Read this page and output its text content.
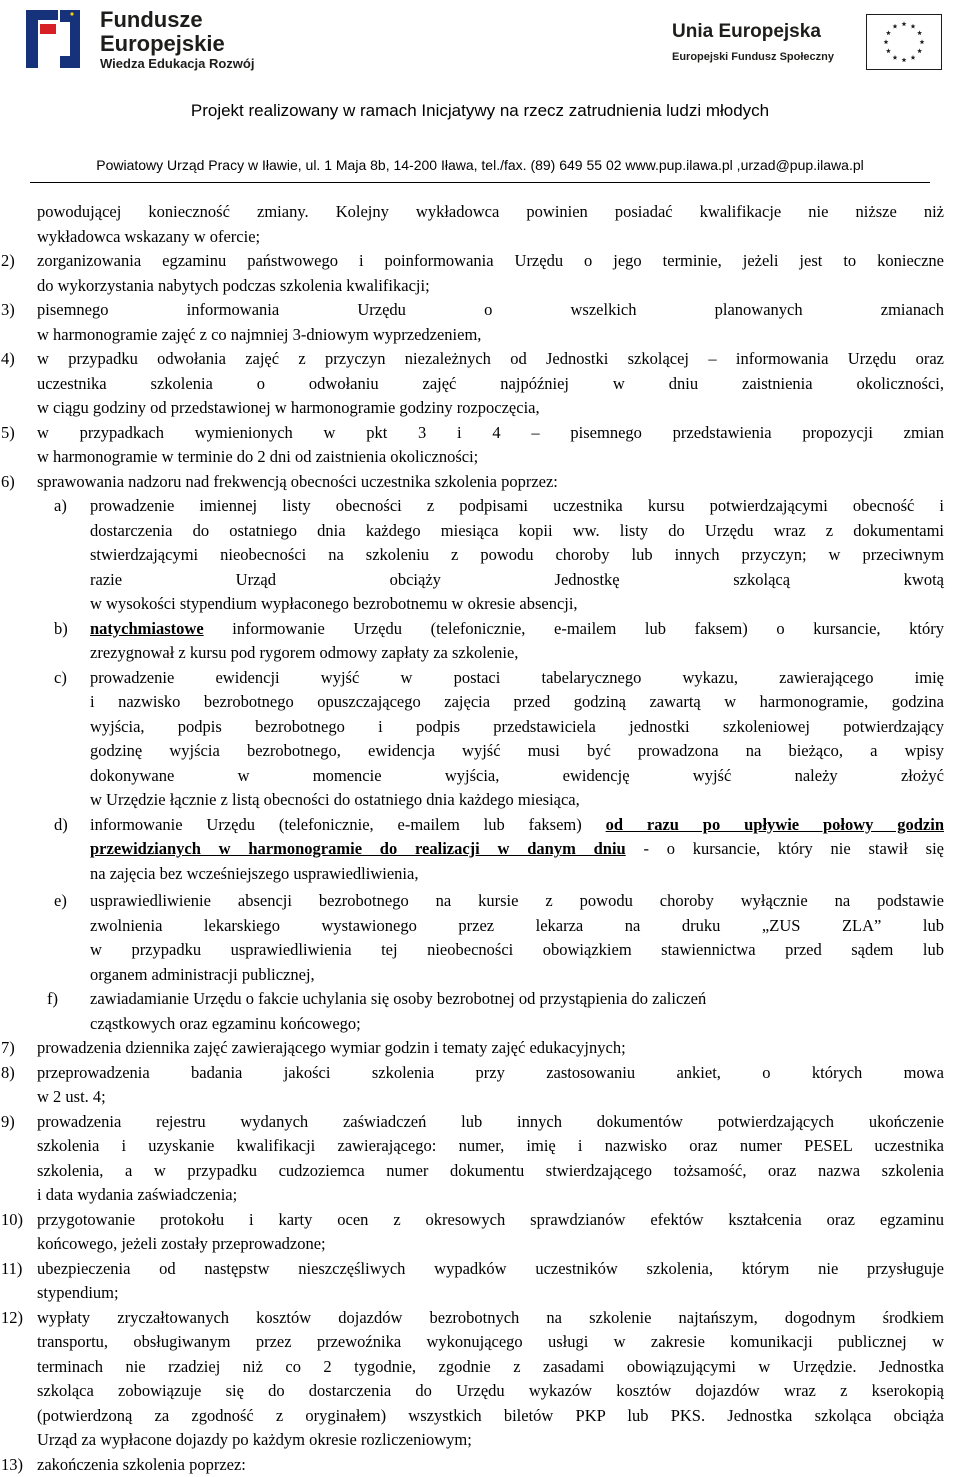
Fundusze
Europejskie
Wiedza Edukacja Rozwój
Unia Europejska
Europejski Fundusz Społeczny
Projekt realizowany w ramach Inicjatywy na rzecz zatrudnienia ludzi młodych
Powiatowy Urząd Pracy w Iławie, ul. 1 Maja 8b, 14-200 Iława, tel./fax. (89) 649 55 02 www.pup.ilawa.pl ,urzad@pup.ilawa.pl

powodującej konieczność zmiany. Kolejny wykładowca powinien posiadać kwalifikacje nie niższe niż

wykładowca wskazany w ofercie;

2) zorganizowania egzaminu państwowego i poinformowania Urzędu o jego terminie, jeżeli jest to konieczne

do wykorzystania nabytych podczas szkolenia kwalifikacji;

3) pisemnego informowania Urzędu o wszelkich planowanych zmianach

w harmonogramie zajęć z co najmniej 3-dniowym wyprzedzeniem,

4) w przypadku odwołania zajęć z przyczyn niezależnych od Jednostki szkolącej – informowania Urzędu oraz

uczestnika szkolenia o odwołaniu zajęć najpóźniej w dniu zaistnienia okoliczności,

w ciągu godziny od przedstawionej w harmonogramie godziny rozpoczęcia,

5) w przypadkach wymienionych w pkt 3 i 4 – pisemnego przedstawienia propozycji zmian

w harmonogramie w terminie do 2 dni od zaistnienia okoliczności;

6) sprawowania nadzoru nad frekwencją obecności uczestnika szkolenia poprzez:

a) prowadzenie imiennej listy obecności z podpisami uczestnika kursu potwierdzającymi obecność i

dostarczenia do ostatniego dnia każdego miesiąca kopii ww. listy do Urzędu wraz z dokumentami

stwierdzającymi nieobecności na szkoleniu z powodu choroby lub innych przyczyn; w przeciwnym

razie Urząd obciąży Jednostkę szkolącą kwotą

w wysokości stypendium wypłaconego bezrobotnemu w okresie absencji,

b) natychmiastowe informowanie Urzędu (telefonicznie, e-mailem lub faksem) o kursancie, który

zrezygnował z kursu pod rygorem odmowy zapłaty za szkolenie,

c) prowadzenie ewidencji wyjść w postaci tabelarycznego wykazu, zawierającego imię

i nazwisko bezrobotnego opuszczającego zajęcia przed godziną zawartą w harmonogramie, godzina

wyjścia, podpis bezrobotnego i podpis przedstawiciela jednostki szkoleniowej potwierdzający

godzinę wyjścia bezrobotnego, ewidencja wyjść musi być prowadzona na bieżąco, a wpisy

dokonywane w momencie wyjścia, ewidencję wyjść należy złożyć

w Urzędzie łącznie z listą obecności do ostatniego dnia każdego miesiąca,

d) informowanie Urzędu (telefonicznie, e-mailem lub faksem) od razu po upływie połowy godzin

przewidzianych w harmonogramie do realizacji w danym dniu - o kursancie, który nie stawił się

na zajęcia bez wcześniejszego usprawiedliwienia,

e) usprawiedliwienie absencji bezrobotnego na kursie z powodu choroby wyłącznie na podstawie

zwolnienia lekarskiego wystawionego przez lekarza na druku „ZUS ZLA” lub

w przypadku usprawiedliwienia tej nieobecności obowiązkiem stawiennictwa przed sądem lub

organem administracji publicznej,

f) zawiadamianie Urzędu o fakcie uchylania się osoby bezrobotnej od przystąpienia do zaliczeń

cząstkowych oraz egzaminu końcowego;

7) prowadzenia dziennika zajęć zawierającego wymiar godzin i tematy zajęć edukacyjnych;

8) przeprowadzenia badania jakości szkolenia przy zastosowaniu ankiet, o których mowa

w 2 ust. 4;

9) prowadzenia rejestru wydanych zaświadczeń lub innych dokumentów potwierdzających ukończenie

szkolenia i uzyskanie kwalifikacji zawierającego: numer, imię i nazwisko oraz numer PESEL uczestnika

szkolenia, a w przypadku cudzoziemca numer dokumentu stwierdzającego tożsamość, oraz nazwa szkolenia

i data wydania zaświadczenia;

10) przygotowanie protokołu i karty ocen z okresowych sprawdzianów efektów kształcenia oraz egzaminu

końcowego, jeżeli zostały przeprowadzone;

11) ubezpieczenia od następstw nieszczęśliwych wypadków uczestników szkolenia, którym nie przysługuje

stypendium;

12) wypłaty zryczałtowanych kosztów dojazdów bezrobotnych na szkolenie najtańszym, dogodnym środkiem

transportu, obsługiwanym przez przewoźnika wykonującego usługi w zakresie komunikacji publicznej w

terminach nie rzadziej niż co 2 tygodnie, zgodnie z zasadami obowiązującymi w Urzędzie. Jednostka

szkoląca zobowiązuje się do dostarczenia do Urzędu wykazów kosztów dojazdów wraz z kserokopią

(potwierdzoną za zgodność z oryginałem) wszystkich biletów PKP lub PKS. Jednostka szkoląca obciąża

Urząd za wypłacone dojazdy po każdym okresie rozliczeniowym;

13) zakończenia szkolenia poprzez:
